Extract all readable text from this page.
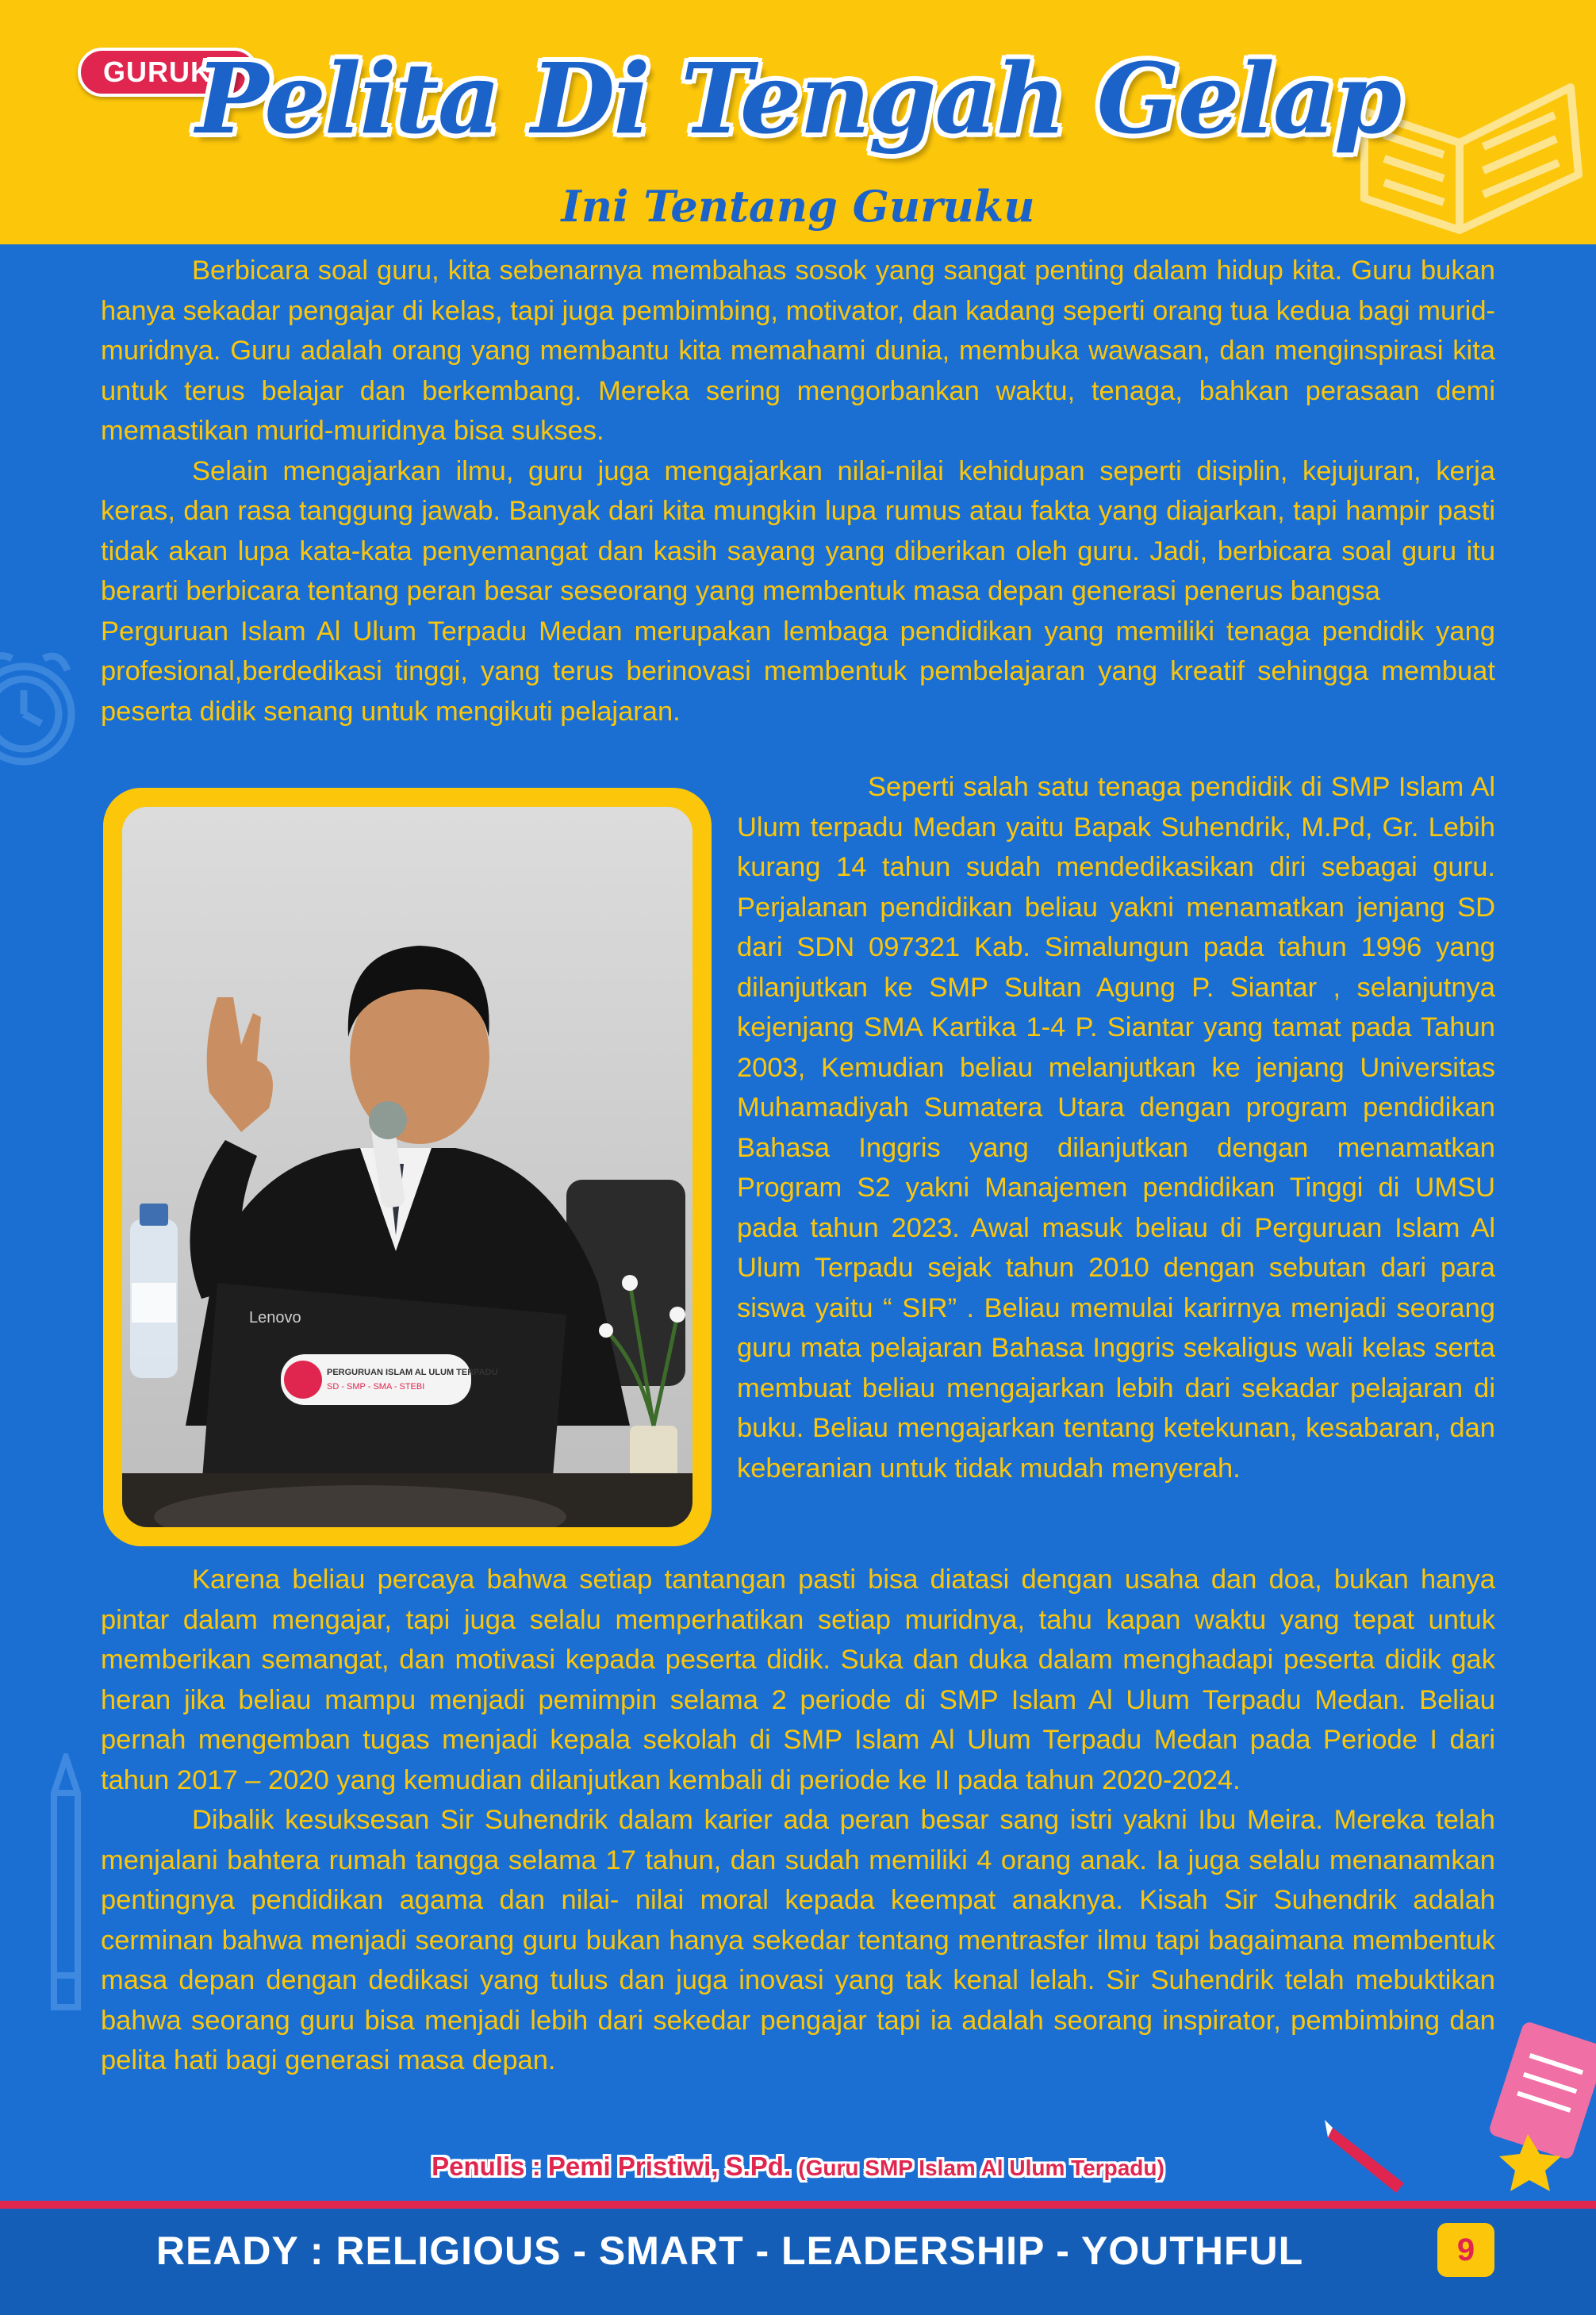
GURUKU
Pelita Di Tengah Gelap
Ini Tentang Guruku

Berbicara soal guru, kita sebenarnya membahas sosok yang sangat penting dalam hidup kita. Guru bukan hanya sekadar pengajar di kelas, tapi juga pembimbing, motivator, dan kadang seperti orang tua kedua bagi murid-muridnya. Guru adalah orang yang membantu kita memahami dunia, membuka wawasan, dan menginspirasi kita untuk terus belajar dan berkembang. Mereka sering mengorbankan waktu, tenaga, bahkan perasaan demi memastikan murid-muridnya bisa sukses.

Selain mengajarkan ilmu, guru juga mengajarkan nilai-nilai kehidupan seperti disiplin, kejujuran, kerja keras, dan rasa tanggung jawab. Banyak dari kita mungkin lupa rumus atau fakta yang diajarkan, tapi hampir pasti tidak akan lupa kata-kata penyemangat dan kasih sayang yang diberikan oleh guru. Jadi, berbicara soal guru itu berarti berbicara tentang peran besar seseorang yang membentuk masa depan generasi penerus bangsa

Perguruan Islam Al Ulum Terpadu Medan merupakan lembaga pendidikan yang memiliki tenaga pendidik yang profesional,berdedikasi tinggi, yang terus berinovasi membentuk pembelajaran yang kreatif sehingga membuat peserta didik senang untuk mengikuti pelajaran.

Lenovo
PERGURUAN ISLAM AL ULUM TERPADU
SD - SMP - SMA - STEBI

Seperti salah satu tenaga pendidik di SMP Islam Al Ulum terpadu Medan yaitu Bapak Suhendrik, M.Pd, Gr. Lebih kurang 14 tahun sudah mendedikasikan diri sebagai guru. Perjalanan pendidikan beliau yakni menamatkan jenjang SD dari SDN 097321 Kab. Simalungun pada tahun 1996 yang dilanjutkan ke SMP Sultan Agung P. Siantar , selanjutnya kejenjang SMA Kartika 1-4 P. Siantar yang tamat pada Tahun 2003, Kemudian beliau melanjutkan ke jenjang Universitas Muhamadiyah Sumatera Utara dengan program pendidikan Bahasa Inggris yang dilanjutkan dengan menamatkan Program S2 yakni Manajemen pendidikan Tinggi di UMSU pada tahun 2023. Awal masuk beliau di Perguruan Islam Al Ulum Terpadu sejak tahun 2010 dengan sebutan dari para siswa yaitu “ SIR” . Beliau memulai karirnya menjadi seorang guru mata pelajaran Bahasa Inggris sekaligus wali kelas serta membuat beliau mengajarkan lebih dari sekadar pelajaran di buku. Beliau mengajarkan tentang ketekunan, kesabaran, dan keberanian untuk tidak mudah menyerah.

Karena beliau percaya bahwa setiap tantangan pasti bisa diatasi dengan usaha dan doa, bukan hanya pintar dalam mengajar, tapi juga selalu memperhatikan setiap muridnya, tahu kapan waktu yang tepat untuk memberikan semangat, dan motivasi kepada peserta didik. Suka dan duka dalam menghadapi peserta didik gak heran jika beliau mampu menjadi pemimpin selama 2 periode di SMP Islam Al Ulum Terpadu Medan. Beliau pernah mengemban tugas menjadi kepala sekolah di SMP Islam Al Ulum Terpadu Medan pada Periode I dari tahun 2017 – 2020 yang kemudian dilanjutkan kembali di periode ke II pada tahun 2020-2024.

Dibalik kesuksesan Sir Suhendrik dalam karier ada peran besar sang istri yakni Ibu Meira. Mereka telah menjalani bahtera rumah tangga selama 17 tahun, dan sudah memiliki 4 orang anak. Ia juga selalu menanamkan pentingnya pendidikan agama dan nilai- nilai moral kepada keempat anaknya. Kisah Sir Suhendrik adalah cerminan bahwa menjadi seorang guru bukan hanya sekedar tentang mentrasfer ilmu tapi bagaimana membentuk masa depan dengan dedikasi yang tulus dan juga inovasi yang tak kenal lelah. Sir Suhendrik telah mebuktikan bahwa seorang guru bisa menjadi lebih dari sekedar pengajar tapi ia adalah seorang inspirator, pembimbing dan pelita hati bagi generasi masa depan.

Penulis : Pemi Pristiwi, S.Pd. (Guru SMP Islam Al Ulum Terpadu)
READY : RELIGIOUS - SMART - LEADERSHIP - YOUTHFUL	9
